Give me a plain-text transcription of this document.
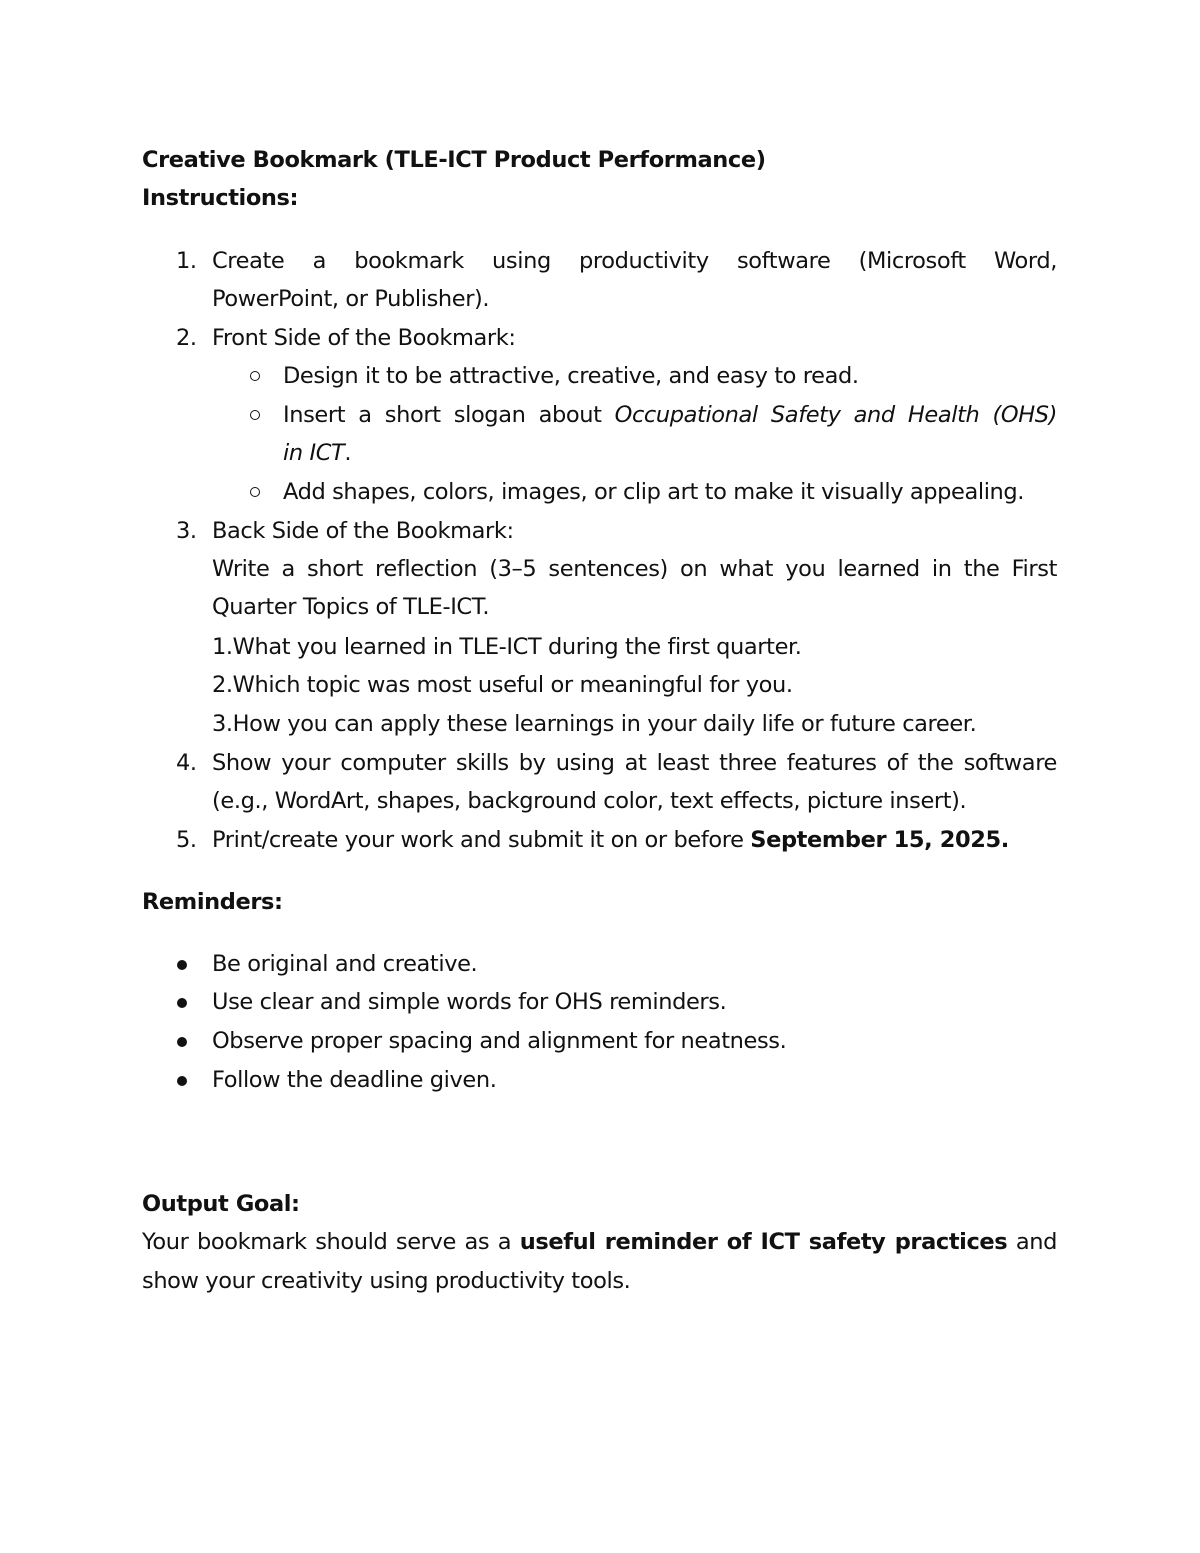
Creative Bookmark (TLE-ICT Product Performance)
Instructions:
1. Create a bookmark using productivity software (Microsoft Word,
PowerPoint, or Publisher).
2. Front Side of the Bookmark:
Design it to be attractive, creative, and easy to read.
Insert a short slogan about Occupational Safety and Health (OHS)
in ICT.
Add shapes, colors, images, or clip art to make it visually appealing.
3. Back Side of the Bookmark:
Write a short reflection (3–5 sentences) on what you learned in the First
Quarter Topics of TLE-ICT.
1.What you learned in TLE-ICT during the first quarter.
2.Which topic was most useful or meaningful for you.
3.How you can apply these learnings in your daily life or future career.
4. Show your computer skills by using at least three features of the software
(e.g., WordArt, shapes, background color, text effects, picture insert).
5. Print/create your work and submit it on or before September 15, 2025.
Reminders:
Be original and creative.
Use clear and simple words for OHS reminders.
Observe proper spacing and alignment for neatness.
Follow the deadline given.
Output Goal:
Your bookmark should serve as a useful reminder of ICT safety practices and
show your creativity using productivity tools.
